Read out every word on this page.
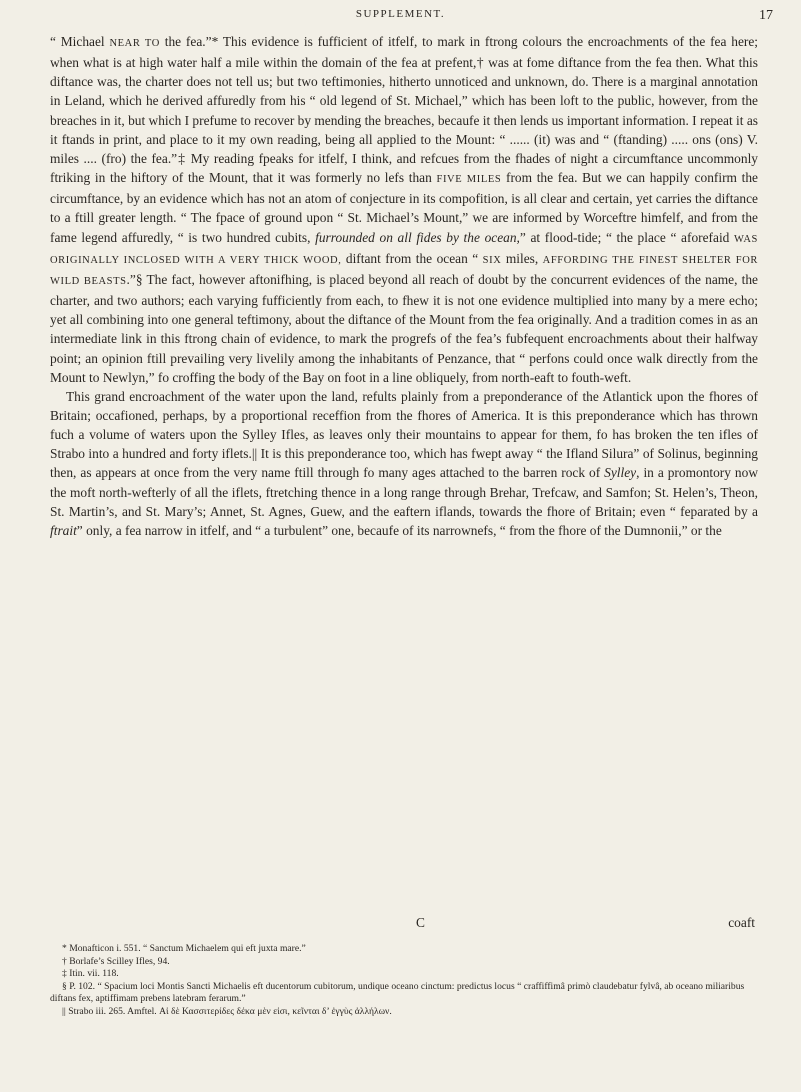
SUPPLEMENT.	17

“ Michael NEAR TO the fea.”* This evidence is fufficient of itfelf, to mark in ftrong colours the encroachments of the fea here; when what is at high water half a mile within the domain of the fea at prefent,† was at fome diftance from the fea then. What this diftance was, the charter does not tell us; but two teftimonies, hitherto unnoticed and unknown, do. There is a marginal annotation in Leland, which he derived affuredly from his “ old legend of St. Michael,” which has been loft to the public, however, from the breaches in it, but which I prefume to recover by mending the breaches, becaufe it then lends us important information. I repeat it as it ftands in print, and place to it my own reading, being all applied to the Mount: “ ...... (it) was and “ (ftanding) ..... ons (ons) V. miles .... (fro) the fea.”‡ My reading fpeaks for itfelf, I think, and refcues from the fhades of night a circumftance uncommonly ftriking in the hiftory of the Mount, that it was formerly no lefs than FIVE MILES from the fea. But we can happily confirm the circumftance, by an evidence which has not an atom of conjecture in its compofition, is all clear and certain, yet carries the diftance to a ftill greater length. “ The fpace of ground upon “ St. Michael’s Mount,” we are informed by Worceftre himfelf, and from the fame legend affuredly, “ is two hundred cubits, furrounded on all fides by the ocean,” at flood-tide; “ the place “ aforefaid WAS ORIGINALLY INCLOSED WITH A VERY THICK WOOD, diftant from the ocean “ SIX miles, AFFORDING THE FINEST SHELTER FOR WILD BEASTS.”§ The fact, however aftonifhing, is placed beyond all reach of doubt by the concurrent evidences of the name, the charter, and two authors; each varying fufficiently from each, to fhew it is not one evidence multiplied into many by a mere echo; yet all combining into one general teftimony, about the diftance of the Mount from the fea originally. And a tradition comes in as an intermediate link in this ftrong chain of evidence, to mark the progrefs of the fea’s fubfequent encroachments about their halfway point; an opinion ftill prevailing very livelily among the inhabitants of Penzance, that “ perfons could once walk directly from the Mount to Newlyn,” fo croffing the body of the Bay on foot in a line obliquely, from north-eaft to fouth-weft.

This grand encroachment of the water upon the land, refults plainly from a preponderance of the Atlantick upon the fhores of Britain; occafioned, perhaps, by a proportional receffion from the fhores of America. It is this preponderance which has thrown fuch a volume of waters upon the Sylley Ifles, as leaves only their mountains to appear for them, fo has broken the ten ifles of Strabo into a hundred and forty iflets.|| It is this preponderance too, which has fwept away “ the Ifland Silura” of Solinus, beginning then, as appears at once from the very name ftill through fo many ages attached to the barren rock of Sylley, in a promontory now the moft north-wefterly of all the iflets, ftretching thence in a long range through Brehar, Trefcaw, and Samfon; St. Helen’s, Theon, St. Martin’s, and St. Mary’s; Annet, St. Agnes, Guew, and the eaftern iflands, towards the fhore of Britain; even “ feparated by a ftrait” only, a fea narrow in itfelf, and “ a turbulent” one, becaufe of its narrownefs, “ from the fhore of the Dumnonii,” or the

C	coaft

* Monafticon i. 551. “ Sanctum Michaelem qui eft juxta mare.”

† Borlafe’s Scilley Ifles, 94.

‡ Itin. vii. 118.

§ P. 102. “ Spacium loci Montis Sancti Michaelis eft ducentorum cubitorum, undique oceano cinctum: predictus locus “ craffiffimâ primò claudebatur fylvâ, ab oceano miliaribus diftans fex, aptiffimam prebens latebram ferarum.”

|| Strabo iii. 265. Amftel. Αἱ δὲ Κασσιτερίδες δέκα μὲν εἰσι, κεῖνται δ’ ἐγγὺς ἀλλήλων.
